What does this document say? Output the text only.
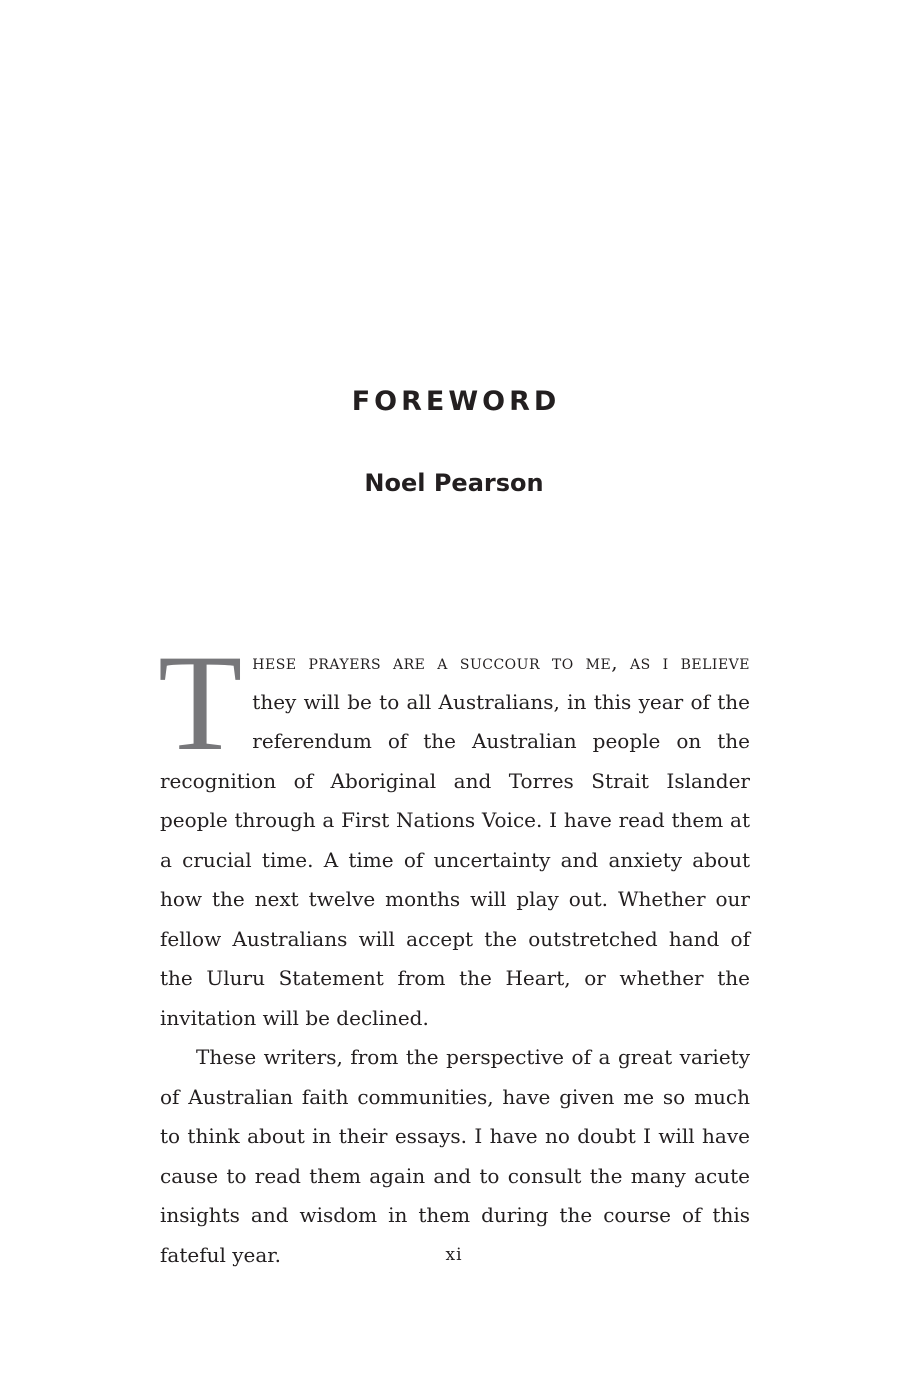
FOREWORD
Noel Pearson

These prayers are a succour to me, as i believe they will be to all Australians, in this year of the referendum of the Australian people on the recognition of Aboriginal and Torres Strait Islander people through a First Nations Voice. I have read them at a crucial time. A time of uncertainty and anxiety about how the next twelve months will play out. Whether our fellow Australians will accept the outstretched hand of the Uluru Statement from the Heart, or whether the invitation will be declined.

These writers, from the perspective of a great variety of Australian faith communities, have given me so much to think about in their essays. I have no doubt I will have cause to read them again and to consult the many acute insights and wisdom in them during the course of this fateful year.	xi
